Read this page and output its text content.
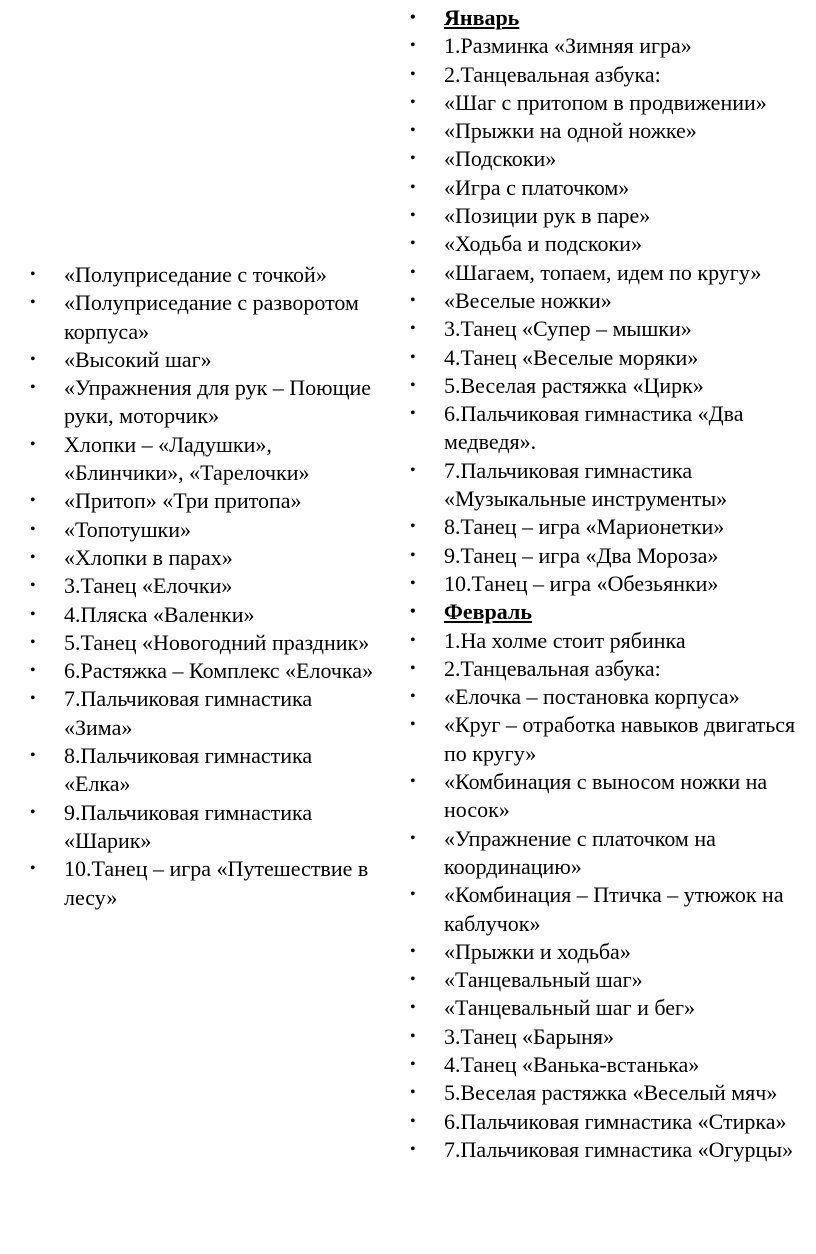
• «Полуприседание с точкой»
• «Полуприседание с разворотом корпуса»
• «Высокий шаг»
• «Упражнения для рук – Поющие руки, моторчик»
• Хлопки – «Ладушки», «Блинчики», «Тарелочки»
• «Притоп» «Три притопа»
• «Топотушки»
• «Хлопки в парах»
• 3.Танец «Елочки»
• 4.Пляска «Валенки»
• 5.Танец «Новогодний праздник»
• 6.Растяжка – Комплекс «Елочка»
• 7.Пальчиковая гимнастика «Зима»
• 8.Пальчиковая гимнастика «Елка»
• 9.Пальчиковая гимнастика «Шарик»
• 10.Танец – игра «Путешествие в лесу»
• Январь
• 1.Разминка «Зимняя игра»
• 2.Танцевальная азбука:
• «Шаг с притопом в продвижении»
• «Прыжки на одной ножке»
• «Подскоки»
• «Игра с платочком»
• «Позиции рук в паре»
• «Ходьба и подскоки»
• «Шагаем, топаем, идем по кругу»
• «Веселые ножки»
• 3.Танец «Супер – мышки»
• 4.Танец «Веселые моряки»
• 5.Веселая растяжка «Цирк»
• 6.Пальчиковая гимнастика «Два медведя».
• 7.Пальчиковая гимнастика «Музыкальные инструменты»
• 8.Танец – игра «Марионетки»
• 9.Танец – игра «Два Мороза»
• 10.Танец – игра «Обезьянки»
• Февраль
• 1.На холме стоит рябинка
• 2.Танцевальная азбука:
• «Елочка – постановка корпуса»
• «Круг – отработка навыков двигаться по кругу»
• «Комбинация с выносом ножки на носок»
• «Упражнение с платочком на координацию»
• «Комбинация – Птичка – утюжок на каблучок»
• «Прыжки и ходьба»
• «Танцевальный шаг»
• «Танцевальный шаг и бег»
• 3.Танец «Барыня»
• 4.Танец «Ванька-встанька»
• 5.Веселая растяжка «Веселый мяч»
• 6.Пальчиковая гимнастика «Стирка»
• 7.Пальчиковая гимнастика «Огурцы»
